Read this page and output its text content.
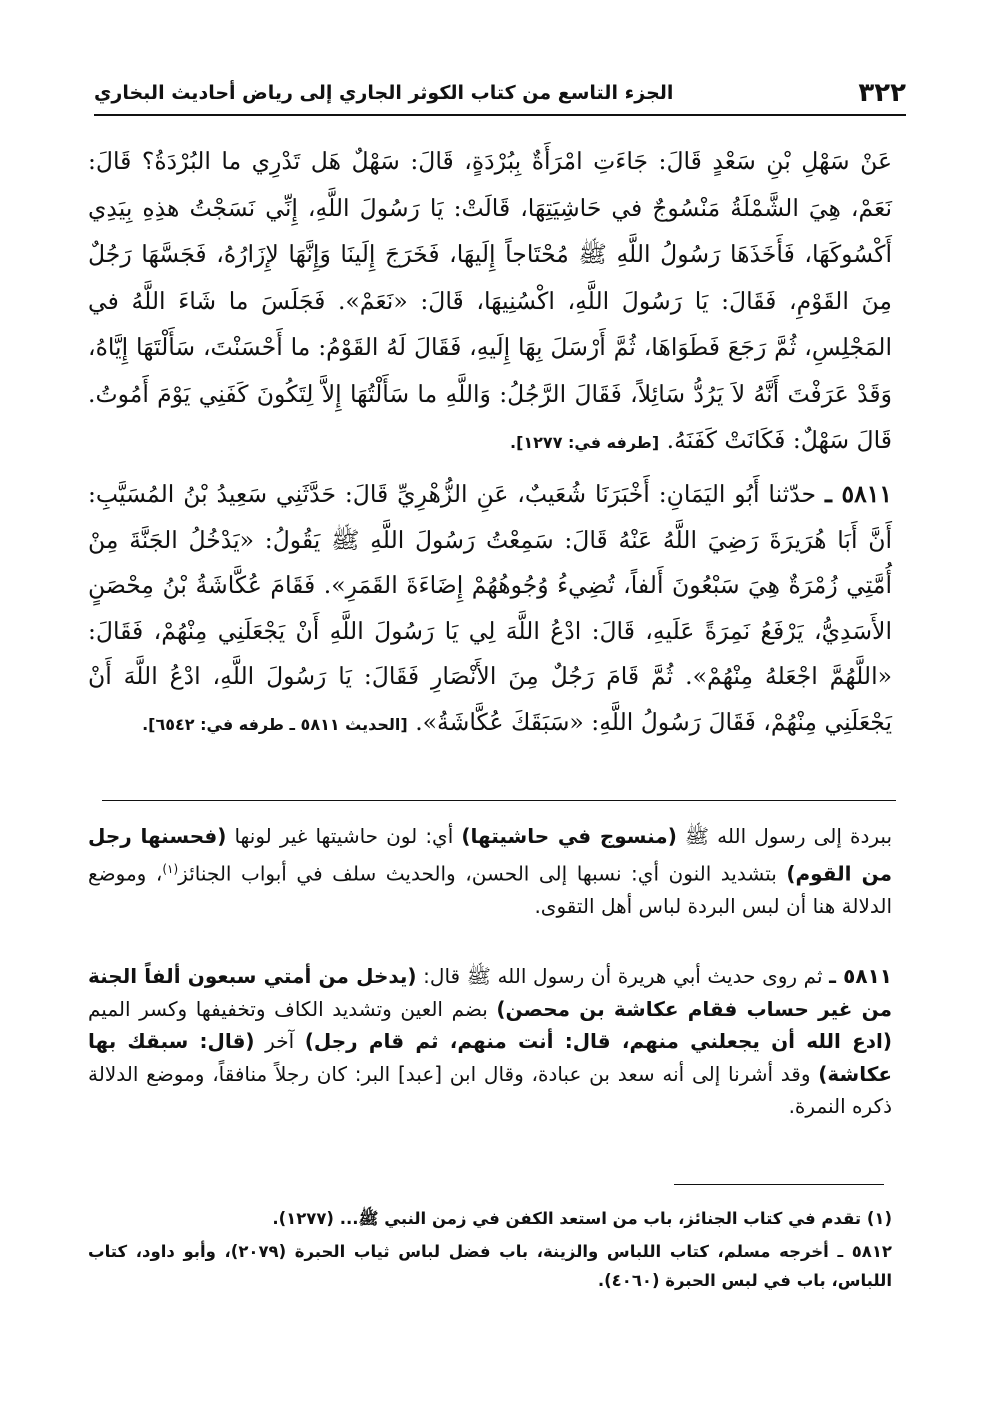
٣٢٢
الجزء التاسع من كتاب الكوثر الجاري إلى رياض أحاديث البخاري

عَنْ سَهْلِ بْنِ سَعْدٍ قَالَ: جَاءَتِ امْرَأَةٌ بِبُرْدَةٍ، قَالَ: سَهْلٌ هَل تَدْرِي ما البُرْدَةُ؟ قَالَ: نَعَمْ، هِيَ الشَّمْلَةُ مَنْسُوجٌ في حَاشِيَتِهَا، قَالَتْ: يَا رَسُولَ اللَّهِ، إِنِّي نَسَجْتُ هذِهِ بِيَدِي أَكْسُوكَهَا، فَأَخَذَهَا رَسُولُ اللَّهِ ﷺ مُحْتَاجاً إِلَيهَا، فَخَرَجَ إِلَينَا وَإِنَّهَا لإِزَارُهُ، فَجَسَّهَا رَجُلٌ مِنَ القَوْمِ، فَقَالَ: يَا رَسُولَ اللَّهِ، اكْسُنِيهَا، قَالَ: «نَعَمْ». فَجَلَسَ ما شَاءَ اللَّهُ في المَجْلِسِ، ثُمَّ رَجَعَ فَطَوَاهَا، ثُمَّ أَرْسَلَ بِهَا إِلَيهِ، فَقَالَ لَهُ القَوْمُ: ما أَحْسَنْتَ، سَأَلْتَهَا إِيَّاهُ، وَقَدْ عَرَفْتَ أَنَّهُ لاَ يَرُدُّ سَائِلاً، فَقَالَ الرَّجُلُ: وَاللَّهِ ما سَأَلْتُهَا إِلاَّ لِتَكُونَ كَفَنِي يَوْمَ أَمُوتُ. قَالَ سَهْلٌ: فَكَانَتْ كَفَنَهُ. [طرفه في: ١٢٧٧].

٥٨١١ ـ حدّثنا أَبُو اليَمَانِ: أَخْبَرَنَا شُعَيبٌ، عَنِ الزُّهْرِيِّ قَالَ: حَدَّثَنِي سَعِيدُ بْنُ المُسَيَّبِ: أَنَّ أَبَا هُرَيرَةَ رَضِيَ اللَّهُ عَنْهُ قَالَ: سَمِعْتُ رَسُولَ اللَّهِ ﷺ يَقُولُ: «يَدْخُلُ الجَنَّةَ مِنْ أُمَّتِي زُمْرَةٌ هِيَ سَبْعُونَ أَلفاً، تُضِيءُ وُجُوهُهُمْ إِضَاءَةَ القَمَرِ». فَقَامَ عُكَّاشَةُ بْنُ مِحْصَنٍ الأَسَدِيُّ، يَرْفَعُ نَمِرَةً عَلَيهِ، قَالَ: ادْعُ اللَّهَ لِي يَا رَسُولَ اللَّهِ أَنْ يَجْعَلَنِي مِنْهُمْ، فَقَالَ: «اللَّهُمَّ اجْعَلهُ مِنْهُمْ». ثُمَّ قَامَ رَجُلٌ مِنَ الأَنْصَارِ فَقَالَ: يَا رَسُولَ اللَّهِ، ادْعُ اللَّهَ أَنْ يَجْعَلَنِي مِنْهُمْ، فَقَالَ رَسُولُ اللَّهِ: «سَبَقَكَ عُكَّاشَةُ». [الحديث ٥٨١١ ـ طرفه في: ٦٥٤٢].

ببردة إلى رسول الله ﷺ (منسوج في حاشيتها) أي: لون حاشيتها غير لونها (فحسنها رجل من القوم) بتشديد النون أي: نسبها إلى الحسن، والحديث سلف في أبواب الجنائز$^{(١)}$، وموضع الدلالة هنا أن لبس البردة لباس أهل التقوى.

٥٨١١ ـ ثم روى حديث أبي هريرة أن رسول الله ﷺ قال: (يدخل من أمتي سبعون ألفاً الجنة من غير حساب فقام عكاشة بن محصن) بضم العين وتشديد الكاف وتخفيفها وكسر الميم (ادع الله أن يجعلني منهم، قال: أنت منهم، ثم قام رجل) آخر (قال: سبقك بها عكاشة) وقد أشرنا إلى أنه سعد بن عبادة، وقال ابن [عبد] البر: كان رجلاً منافقاً، وموضع الدلالة ذكره النمرة.

(١) تقدم في كتاب الجنائز، باب من استعد الكفن في زمن النبي ﷺ... (١٢٧٧).

٥٨١٢ ـ أخرجه مسلم، كتاب اللباس والزينة، باب فضل لباس ثياب الحبرة (٢٠٧٩)، وأبو داود، كتاب اللباس، باب في لبس الحبرة (٤٠٦٠).
